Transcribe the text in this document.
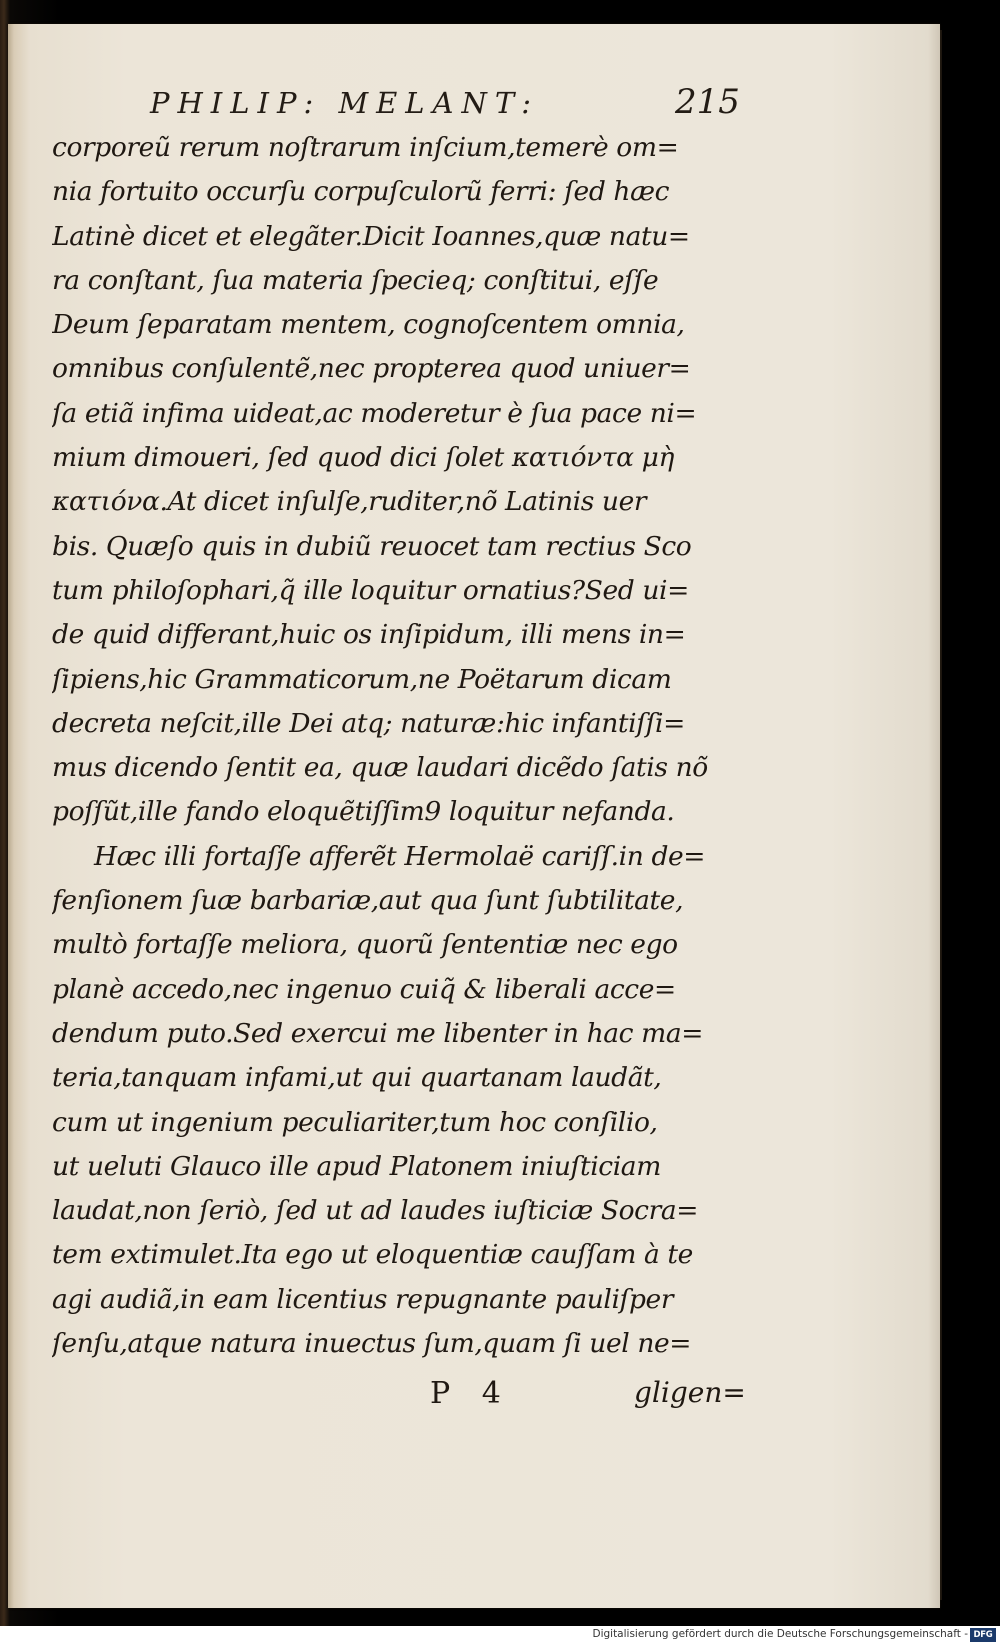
PHILIP: MELANT:	215
corporeũ rerum noſtrarum inſcium,temerè om=
nia fortuito occurſu corpuſculorũ ferri: ſed hæc
Latinè dicet et elegãter.Dicit Ioannes,quæ natu=
ra conſtant, ſua materia ſpecieq; conſtitui, eſſe
Deum ſeparatam mentem, cognoſcentem omnia,
omnibus conſulentẽ,nec propterea quod uniuer=
ſa etiã infima uideat,ac moderetur è ſua pace ni=
mium dimoueri, ſed quod dici ſolet κατιόντα μὴ
κατιόνα.At dicet inſulſe,ruditer,nõ Latinis uer
bis. Quæſo quis in dubiũ reuocet tam rectius Sco
tum philoſophari,q̃ ille loquitur ornatius?Sed ui=
de quid differant,huic os inſipidum, illi mens in=
ſipiens,hic Grammaticorum,ne Poëtarum dicam
decreta neſcit,ille Dei atq; naturæ:hic infantiſſi=
mus dicendo ſentit ea, quæ laudari dicẽdo ſatis nõ
poſſũt,ille fando eloquẽtiſſim9 loquitur nefanda.
Hæc illi fortaſſe afferẽt Hermolaë cariſſ.in de=
fenſionem ſuæ barbariæ,aut qua ſunt ſubtilitate,
multò fortaſſe meliora, quorũ ſententiæ nec ego
planè accedo,nec ingenuo cuiq̃ & liberali acce=
dendum puto.Sed exercui me libenter in hac ma=
teria,tanquam infami,ut qui quartanam laudãt,
cum ut ingenium peculiariter,tum hoc conſilio,
ut ueluti Glauco ille apud Platonem iniuſticiam
laudat,non ſeriò, ſed ut ad laudes iuſticiæ Socra=
tem extimulet.Ita ego ut eloquentiæ cauſſam à te
agi audiã,in eam licentius repugnante pauliſper
ſenſu,atque natura inuectus ſum,quam ſi uel ne=
P 4	gligen=
Digitalisierung gefördert durch die Deutsche Forschungsgemeinschaft - DFG
